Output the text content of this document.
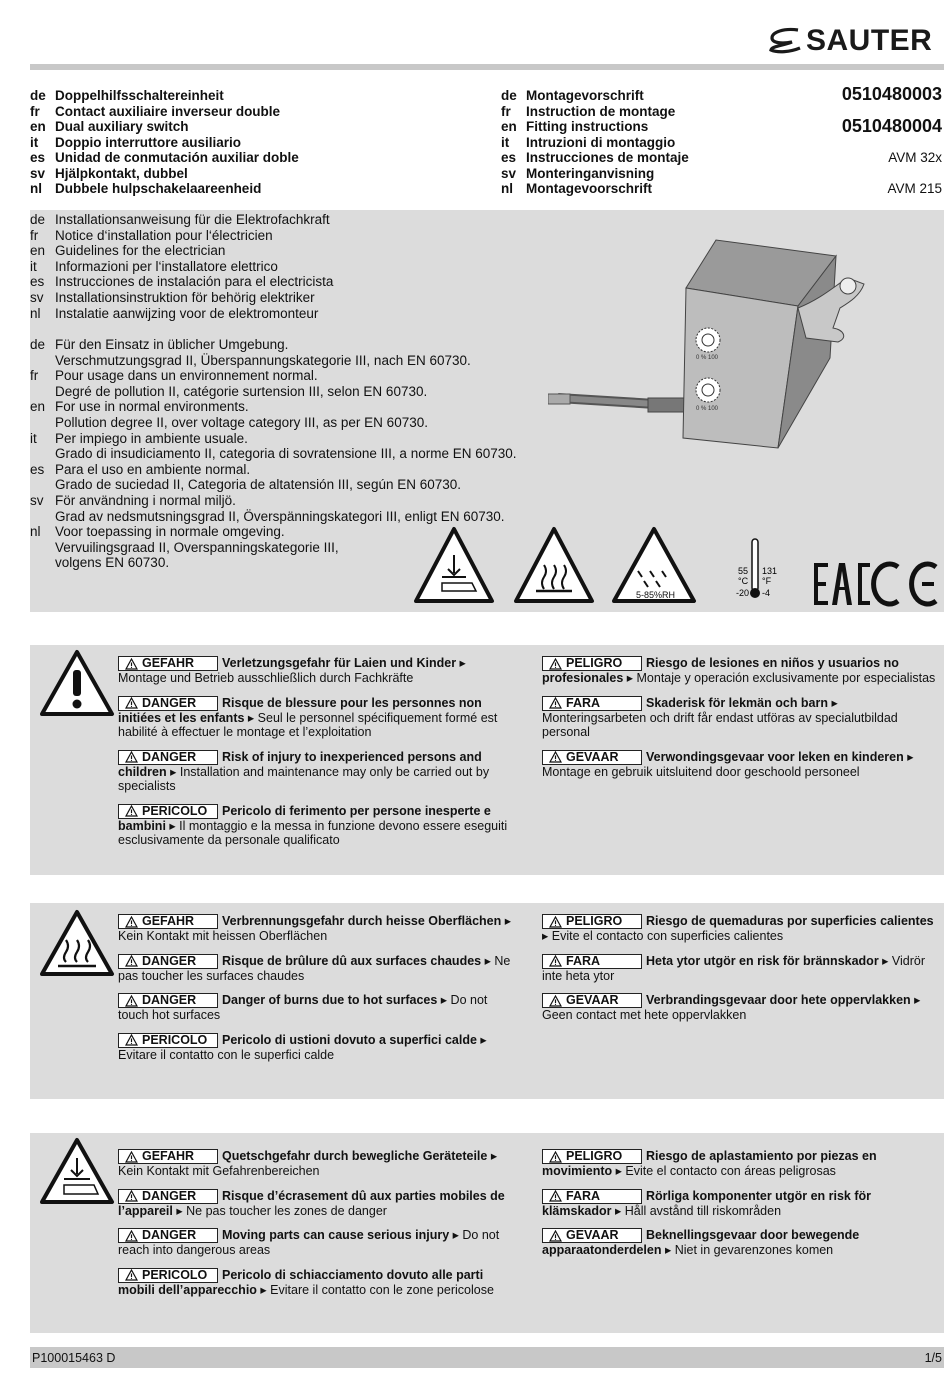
SAUTER
de Doppelhilfsschaltereinheit
fr	Contact auxiliaire inverseur double
en Dual auxiliary switch
it	Doppio interruttore ausiliario
es Unidad de conmutación auxiliar doble
sv Hjälpkontakt, dubbel
nl Dubbele hulpschakelaareenheid
de Montagevorschrift
fr	Instruction de montage
en Fitting instructions
it	Intruzioni di montaggio
es Instrucciones de montaje
sv Monteringanvisning
nl Montagevoorschrift
0510480003
0510480004
AVM 32x
AVM 215
de Installationsanweisung für die Elektrofachkraft
fr	Notice d‘installation pour l‘électricien
en Guidelines for the electrician
it	Informazioni per l‘installatore elettrico
es Instrucciones de instalación para el electricista
sv Installationsinstruktion för behörig elektriker
nl	Instalatie aanwijzing voor de elektromonteur
de Für den Einsatz in üblicher Umgebung.
Verschmutzungsgrad II, Überspannungskategorie III, nach EN 60730.
fr	Pour usage dans un environnement normal.
Degré de pollution II, catégorie surtension III, selon EN 60730.
en For use in normal environments.
Pollution degree II, over voltage category III, as per EN 60730.
it	Per impiego in ambiente usuale.
Grado di insudiciamento II, categoria di sovratensione III, a norme EN 60730.
es Para el uso en ambiente normal.
Grado de suciedad II, Categoria de altatensión III, según EN 60730.
sv För användning i normal miljö.
Grad av nedsmutsningsgrad II, Överspänningskategori III, enligt EN 60730.
nl	Voor toepassing in normale omgeving.
Vervuilingsgraad II, Overspanningskategorie III,
volgens EN 60730.
0 % 100
0 % 100
5-85%RH
55 131
°C °F
-20 -4
GEFAHR Verletzungsgefahr für Laien und Kinder ▸ Montage und Betrieb ausschließlich durch Fachkräfte
DANGER Risque de blessure pour les personnes non initiées et les enfants ▸ Seul le personnel spécifiquement formé est habilité à effectuer le montage et l’exploitation
DANGER Risk of injury to inexperienced persons and children ▸ Installation and maintenance may only be carried out by specialists
PERICOLO Pericolo di ferimento per persone inesperte e bambini ▸ Il montaggio e la messa in funzione devono essere eseguiti esclusivamente da personale qualificato
PELIGRO Riesgo de lesiones en niños y usuarios no profesionales ▸ Montaje y operación exclusivamente por especialistas
FARA	Skaderisk för lekmän och barn ▸ Monteringsarbeten och drift får endast utföras av specialutbildad personal
GEVAAR Verwondingsgevaar voor leken en kinderen ▸ Montage en gebruik uitsluitend door geschoold personeel
GEFAHR Verbrennungsgefahr durch heisse Oberflächen ▸ Kein Kontakt mit heissen Oberflächen
DANGER Risque de brûlure dû aux surfaces chaudes ▸ Ne pas toucher les surfaces chaudes
DANGER Danger of burns due to hot surfaces ▸ Do not touch hot surfaces
PERICOLO Pericolo di ustioni dovuto a superfici calde ▸ Evitare il contatto con le superfici calde
PELIGRO Riesgo de quemaduras por superficies calientes ▸ Evite el contacto con superficies calientes
FARA	Heta ytor utgör en risk för brännskador ▸ Vidrör inte heta ytor
GEVAAR Verbrandingsgevaar door hete oppervlakken ▸ Geen contact met hete oppervlakken
GEFAHR Quetschgefahr durch bewegliche Geräteteile ▸ Kein Kontakt mit Gefahrenbereichen
DANGER Risque d’écrasement dû aux parties mobiles de l’appareil ▸ Ne pas toucher les zones de danger
DANGER Moving parts can cause serious injury ▸ Do not reach into dangerous areas
PERICOLO Pericolo di schiacciamento dovuto alle parti mobili dell’apparecchio ▸ Evitare il contatto con le zone pericolose
PELIGRO Riesgo de aplastamiento por piezas en movimiento ▸ Evite el contacto con áreas peligrosas
FARA	Rörliga komponenter utgör en risk för klämskador ▸ Håll avstånd till riskområden
GEVAAR Beknellingsgevaar door bewegende apparaatonderdelen ▸ Niet in gevarenzones komen
P100015463 D	1/5
